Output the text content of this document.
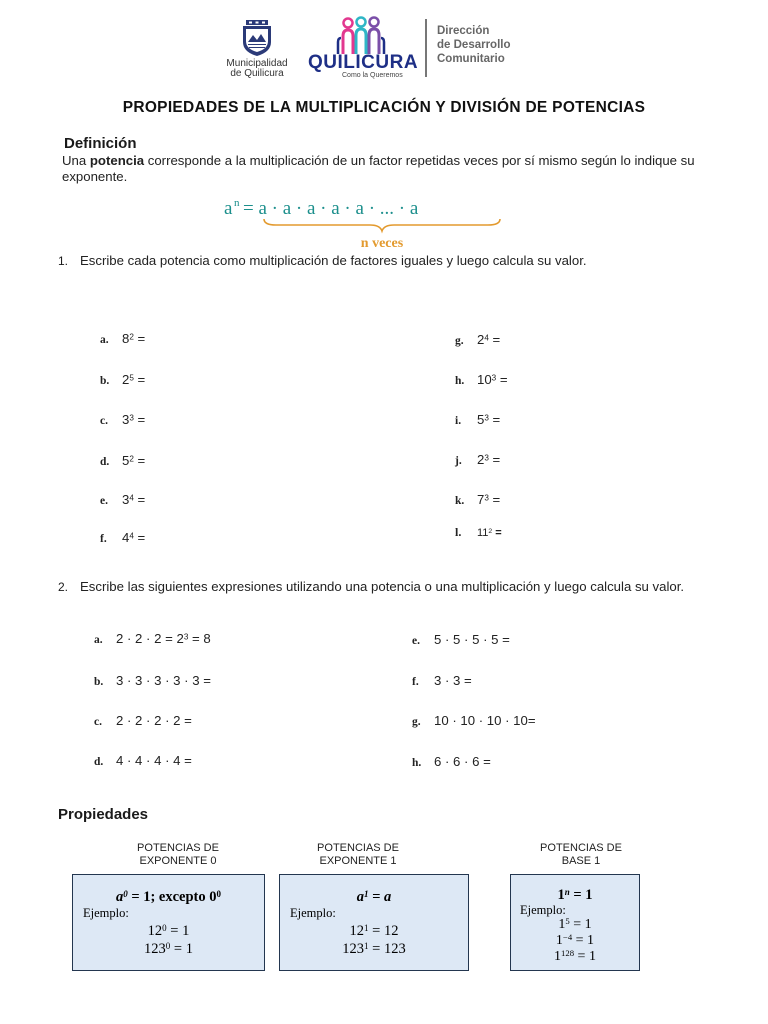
Municipalidad
de Quilicura
QUILICURA
Como la Queremos
Dirección
de Desarrollo
Comunitario
PROPIEDADES DE LA MULTIPLICACIÓN Y DIVISIÓN DE POTENCIAS
Definición
Una potencia corresponde a la multiplicación de un factor repetidas veces por sí mismo según lo indique su exponente.
a n = a · a · a · a · a · ... · a
n veces
1. Escribe cada potencia como multiplicación de factores iguales y luego calcula su valor.
a. $8^2$ =
b. $2^5$ =
c. $3^3$ =
d. $5^2$ =
e. $3^4$ =
f. $4^4$ =
g. $2^4$ =
h. $10^3$ =
i. $5^3$ =
j. $2^3$ =
k. $7^3$ =
l. $11^2$ =
2. Escribe las siguientes expresiones utilizando una potencia o una multiplicación y luego calcula su valor.
a. $2 \cdot 2 \cdot 2 = 2^3 = 8$
b. 3 · 3 · 3 · 3 · 3 =
c. 2 · 2 · 2 · 2 =
d. 4 · 4 · 4 · 4 =
e. 5 · 5 · 5 · 5 =
f. 3 · 3 =
g. 10 · 10 · 10 · 10=
h. 6 · 6 · 6 =
Propiedades
POTENCIAS DE
EXPONENTE 0
$a^0 = 1$; excepto $0^0$
Ejemplo:
$12^0 = 1$
$123^0 = 1$
POTENCIAS DE
EXPONENTE 1
$a^1 = a$
Ejemplo:
$12^1 = 12$
$123^1 = 123$
POTENCIAS DE
BASE 1
$1^n = 1$
Ejemplo:
$1^5 = 1$
$1^{-4} = 1$
$1^{128} = 1$
